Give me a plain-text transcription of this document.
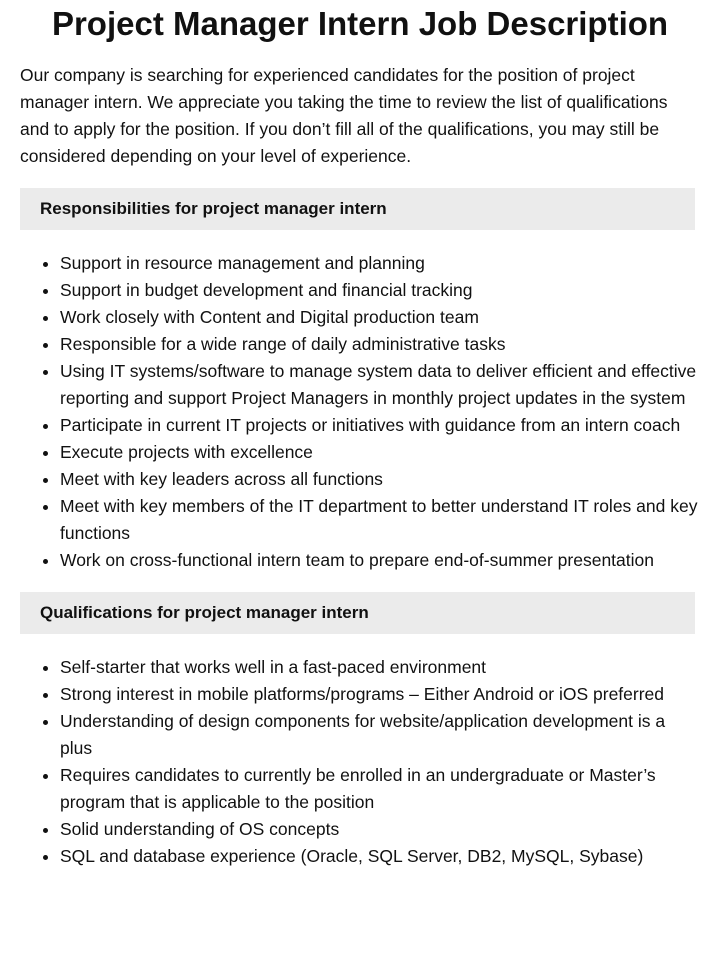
Project Manager Intern Job Description

Our company is searching for experienced candidates for the position of project manager intern. We appreciate you taking the time to review the list of qualifications and to apply for the position. If you don’t fill all of the qualifications, you may still be considered depending on your level of experience.

Responsibilities for project manager intern
• Support in resource management and planning
• Support in budget development and financial tracking
• Work closely with Content and Digital production team
• Responsible for a wide range of daily administrative tasks
• Using IT systems/software to manage system data to deliver efficient and effective reporting and support Project Managers in monthly project updates in the system
• Participate in current IT projects or initiatives with guidance from an intern coach
• Execute projects with excellence
• Meet with key leaders across all functions
• Meet with key members of the IT department to better understand IT roles and key functions
• Work on cross-functional intern team to prepare end-of-summer presentation
Qualifications for project manager intern
• Self-starter that works well in a fast-paced environment
• Strong interest in mobile platforms/programs – Either Android or iOS preferred
• Understanding of design components for website/application development is a plus
• Requires candidates to currently be enrolled in an undergraduate or Master’s program that is applicable to the position
• Solid understanding of OS concepts
• SQL and database experience (Oracle, SQL Server, DB2, MySQL, Sybase)
